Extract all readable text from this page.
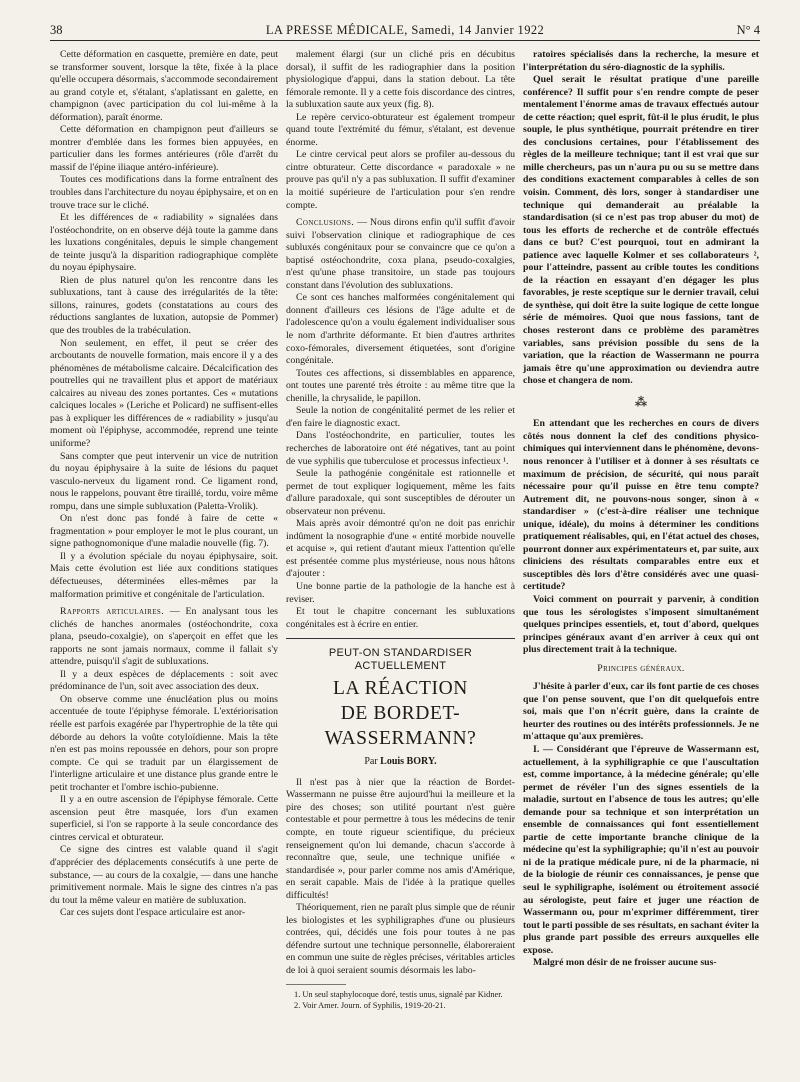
38	LA PRESSE MÉDICALE, Samedi, 14 Janvier 1922	N° 4

Cette déformation en casquette, première en date, peut se transformer souvent, lorsque la tête, fixée à la place qu'elle occupera désormais, s'accommode secondairement au grand cotyle et, s'étalant, s'aplatissant en galette, en champignon (avec participation du col lui-même à la déformation), paraît énorme.

Cette déformation en champignon peut d'ailleurs se montrer d'emblée dans les formes bien appuyées, en particulier dans les formes antérieures (rôle d'arrêt du massif de l'épine iliaque antéro-inférieure).

Toutes ces modifications dans la forme entraînent des troubles dans l'architecture du noyau épiphysaire, et on en trouve trace sur le cliché.

Et les différences de « radiability » signalées dans l'ostéochondrite, on en observe déjà toute la gamme dans les luxations congénitales, depuis le simple changement de teinte jusqu'à la disparition radiographique complète du noyau épiphysaire.

Rien de plus naturel qu'on les rencontre dans les subluxations, tant à cause des irrégularités de la tête: sillons, rainures, godets (constatations au cours des réductions sanglantes de luxation, autopsie de Pommer) que des troubles de la trabéculation.

Non seulement, en effet, il peut se créer des arcboutants de nouvelle formation, mais encore il y a des phénomènes de métabolisme calcaire. Décalcification des poutrelles qui ne travaillent plus et apport de matériaux calcaires au niveau des zones portantes. Ces « mutations calciques locales » (Leriche et Policard) ne suffisent-elles pas à expliquer les différences de « radiability » jusqu'au moment où l'épiphyse, accommodée, reprend une teinte uniforme?

Sans compter que peut intervenir un vice de nutrition du noyau épiphysaire à la suite de lésions du paquet vasculo-nerveux du ligament rond. Ce ligament rond, nous le rappelons, pouvant être tiraillé, tordu, voire même rompu, dans une simple subluxation (Paletta-Vrolik).

On n'est donc pas fondé à faire de cette « fragmentation » pour employer le mot le plus courant, un signe pathognomonique d'une maladie nouvelle (fig. 7).

Il y a évolution spéciale du noyau épiphysaire, soit. Mais cette évolution est liée aux conditions statiques défectueuses, déterminées elles-mêmes par la malformation primitive et congénitale de l'articulation.

Rapports articulaires. — En analysant tous les clichés de hanches anormales (ostéochondrite, coxa plana, pseudo-coxalgie), on s'aperçoit en effet que les rapports ne sont jamais normaux, comme il fallait s'y attendre, puisqu'il s'agit de subluxations.

Il y a deux espèces de déplacements : soit avec prédominance de l'un, soit avec association des deux.

On observe comme une énucléation plus ou moins accentuée de toute l'épiphyse fémorale. L'extériorisation réelle est parfois exagérée par l'hypertrophie de la tête qui déborde au dehors la voûte cotyloïdienne. Mais la tête n'en est pas moins repoussée en dehors, pour son propre compte. Ce qui se traduit par un élargissement de l'interligne articulaire et une distance plus grande entre le petit trochanter et l'ombre ischio-pubienne.

Il y a en outre ascension de l'épiphyse fémorale. Cette ascension peut être masquée, lors d'un examen superficiel, si l'on se rapporte à la seule concordance des cintres cervical et obturateur.

Ce signe des cintres est valable quand il s'agit d'apprécier des déplacements consécutifs à une perte de substance, — au cours de la coxalgie, — dans une hanche primitivement normale. Mais le signe des cintres n'a pas du tout la même valeur en matière de subluxation.

Car ces sujets dont l'espace articulaire est anor-

malement élargi (sur un cliché pris en décubitus dorsal), il suffit de les radiographier dans la position physiologique d'appui, dans la station debout. La tête fémorale remonte. Il y a cette fois discordance des cintres, la subluxation saute aux yeux (fig. 8).

Le repère cervico-obturateur est également trompeur quand toute l'extrémité du fémur, s'étalant, est devenue énorme.

Le cintre cervical peut alors se profiler au-dessous du cintre obturateur. Cette discordance « paradoxale » ne prouve pas qu'il n'y a pas subluxation. Il suffit d'examiner la moitié supérieure de l'articulation pour s'en rendre compte.

Conclusions. — Nous dirons enfin qu'il suffit d'avoir suivi l'observation clinique et radiographique de ces subluxés congénitaux pour se convaincre que ce qu'on a baptisé ostéochondrite, coxa plana, pseudo-coxalgies, n'est qu'une phase transitoire, un stade pas toujours constant dans l'évolution des subluxations.

Ce sont ces hanches malformées congénitalement qui donnent d'ailleurs ces lésions de l'âge adulte et de l'adolescence qu'on a voulu également individualiser sous le nom d'arthrite déformante. Et bien d'autres arthrites coxo-fémorales, diversement étiquetées, sont d'origine congénitale.

Toutes ces affections, si dissemblables en apparence, ont toutes une parenté très étroite : au même titre que la chenille, la chrysalide, le papillon.

Seule la notion de congénitalité permet de les relier et d'en faire le diagnostic exact.

Dans l'ostéochondrite, en particulier, toutes les recherches de laboratoire ont été négatives, tant au point de vue syphilis que tuberculose et processus infectieux ¹.

Seule la pathogénie congénitale est rationnelle et permet de tout expliquer logiquement, même les faits d'allure paradoxale, qui sont susceptibles de dérouter un observateur non prévenu.

Mais après avoir démontré qu'on ne doit pas enrichir indûment la nosographie d'une « entité morbide nouvelle et acquise », qui retient d'autant mieux l'attention qu'elle est présentée comme plus mystérieuse, nous nous hâtons d'ajouter :

Une bonne partie de la pathologie de la hanche est à reviser.

Et tout le chapitre concernant les subluxations congénitales est à écrire en entier.

PEUT-ON STANDARDISER ACTUELLEMENT

LA RÉACTION

DE BORDET-WASSERMANN?

Par Louis BORY.

Il n'est pas à nier que la réaction de Bordet-Wassermann ne puisse être aujourd'hui la meilleure et la pire des choses; son utilité pourtant n'est guère contestable et pour permettre à tous les médecins de tenir compte, en toute rigueur scientifique, du précieux renseignement qu'on lui demande, chacun s'accorde à reconnaître que, seule, une technique unifiée « standardisée », pour parler comme nos amis d'Amérique, en serait capable. Mais de l'idée à la pratique quelles difficultés!

Théoriquement, rien ne paraît plus simple que de réunir les biologistes et les syphiligraphes d'une ou plusieurs contrées, qui, décidés une fois pour toutes à ne pas défendre surtout une technique personnelle, élaboreraient en commun une suite de règles précises, véritables articles de loi à quoi seraient soumis désormais les labo-

1. Un seul staphylocoque doré, testis unus, signalé par Kidner.

2. Voir Amer. Journ. of Syphilis, 1919-20-21.

ratoires spécialisés dans la recherche, la mesure et l'interprétation du séro-diagnostic de la syphilis.

Quel serait le résultat pratique d'une pareille conférence? Il suffit pour s'en rendre compte de peser mentalement l'énorme amas de travaux effectués autour de cette réaction; quel esprit, fût-il le plus érudit, le plus souple, le plus synthétique, pourrait prétendre en tirer des conclusions certaines, pour l'établissement des règles de la meilleure technique; tant il est vrai que sur mille chercheurs, pas un n'aura pu ou su se mettre dans des conditions exactement comparables à celles de son voisin. Comment, dès lors, songer à standardiser une technique qui demanderait au préalable la standardisation (si ce n'est pas trop abuser du mot) de tous les efforts de recherche et de contrôle effectués dans ce but? C'est pourquoi, tout en admirant la patience avec laquelle Kolmer et ses collaborateurs ², pour l'atteindre, passent au crible toutes les conditions de la réaction en essayant d'en dégager les plus favorables, je reste sceptique sur le dernier travail, celui de synthèse, qui doit être la suite logique de cette longue série de mémoires. Quoi que nous fassions, tant de choses resteront dans ce problème des paramètres variables, sans prévision possible du sens de la variation, que la réaction de Wassermann ne pourra jamais être qu'une approximation ou deviendra autre chose et changera de nom.

⁂

En attendant que les recherches en cours de divers côtés nous donnent la clef des conditions physico-chimiques qui interviennent dans le phénomène, devons-nous renoncer à l'utiliser et à donner à ses résultats ce maximum de précision, de sécurité, qui nous paraît nécessaire pour qu'il puisse en être tenu compte? Autrement dit, ne pouvons-nous songer, sinon à « standardiser » (c'est-à-dire réaliser une technique unique, idéale), du moins à déterminer les conditions pratiquement réalisables, qui, en l'état actuel des choses, pourront donner aux expérimentateurs et, par suite, aux cliniciens des résultats comparables entre eux et susceptibles dès lors d'être considérés avec une quasi-certitude?

Voici comment on pourrait y parvenir, à condition que tous les sérologistes s'imposent simultanément quelques principes essentiels, et, tout d'abord, quelques principes généraux avant d'en arriver à ceux qui ont plus directement trait à la technique.

Principes généraux.

J'hésite à parler d'eux, car ils font partie de ces choses que l'on pense souvent, que l'on dit quelquefois entre soi, mais que l'on n'écrit guère, dans la crainte de heurter des routines ou des intérêts professionnels. Je ne m'attaque qu'aux premières.

I. — Considérant que l'épreuve de Wassermann est, actuellement, à la syphiligraphie ce que l'auscultation est, comme importance, à la médecine générale; qu'elle permet de révéler l'un des signes essentiels de la maladie, surtout en l'absence de tous les autres; qu'elle demande pour sa technique et son interprétation un ensemble de connaissances qui font essentiellement partie de cette importante branche clinique de la médecine qu'est la syphiligraphie; qu'il n'est au pouvoir ni de la pratique médicale pure, ni de la pharmacie, ni de la biologie de réunir ces connaissances, je pense que seul le syphiligraphe, isolément ou étroitement associé au sérologiste, peut faire et juger une réaction de Wassermann ou, pour m'exprimer différemment, tirer tout le parti possible de ses résultats, en sachant éviter la plus grande part possible des erreurs auxquelles elle expose.

Malgré mon désir de ne froisser aucune sus-
